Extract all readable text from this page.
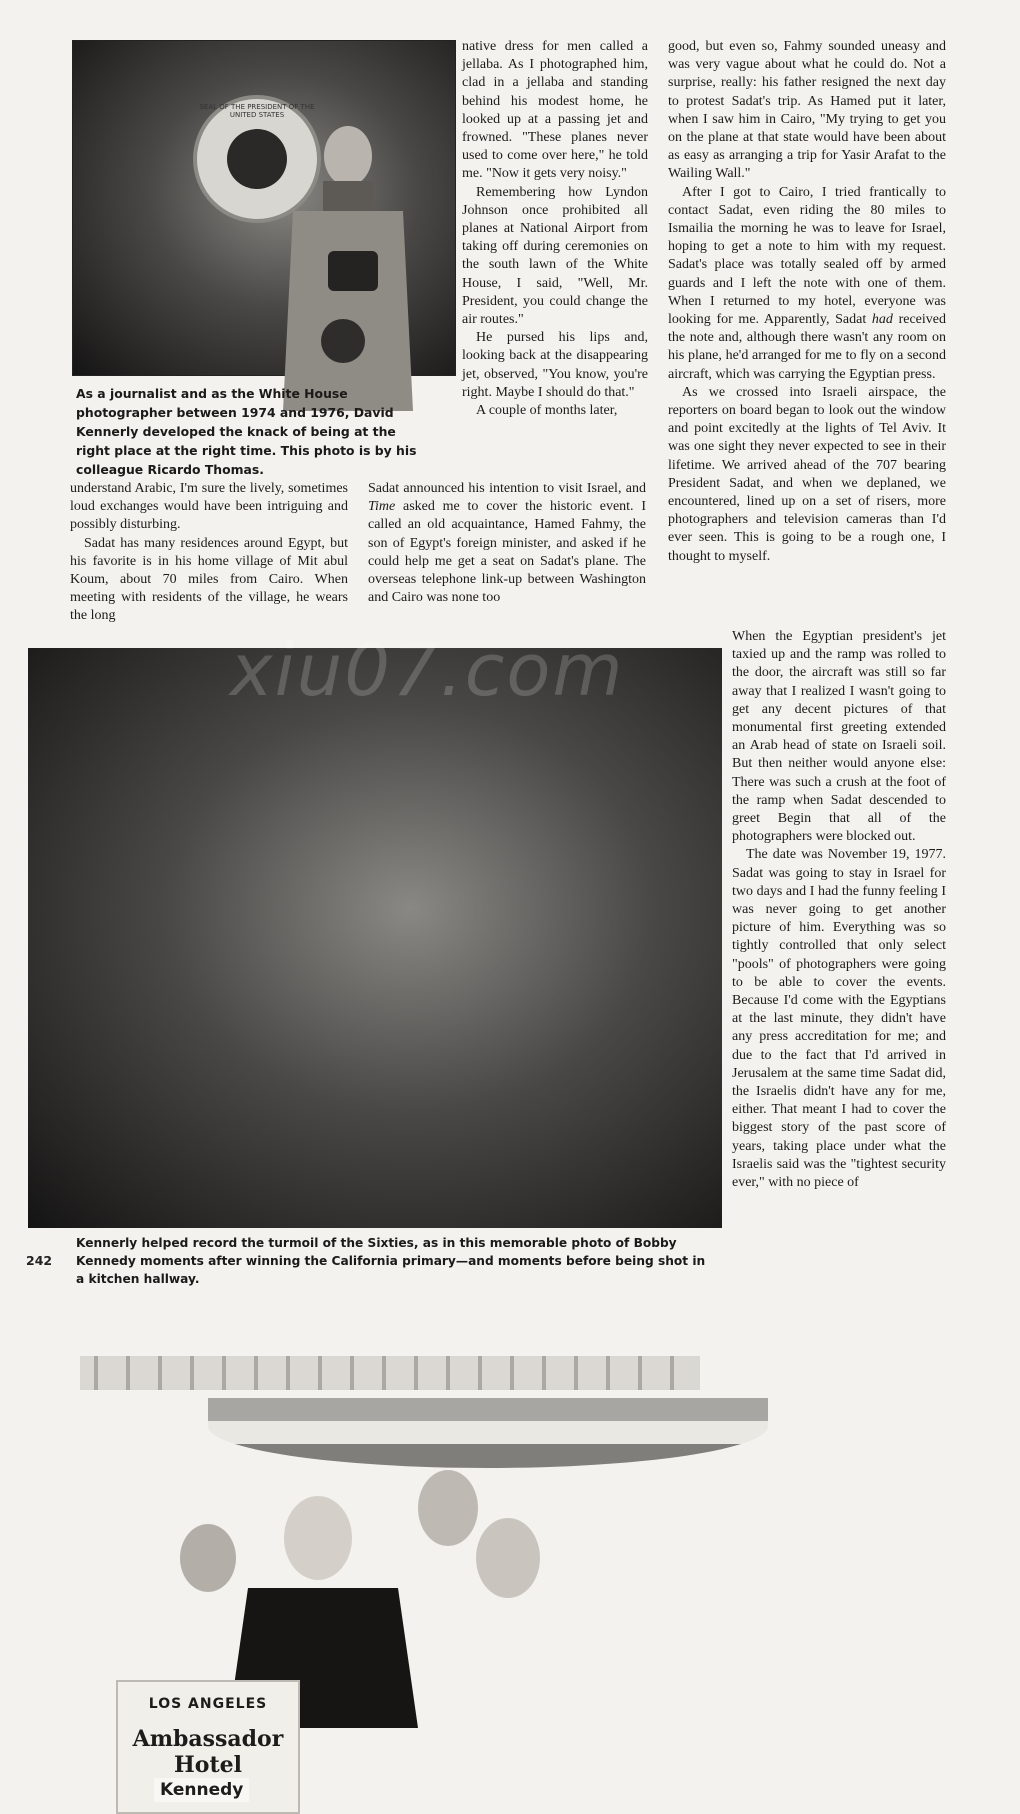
SEAL OF THE PRESIDENT OF THE UNITED STATES

As a journalist and as the White House photographer between 1974 and 1976, David Kennerly developed the knack of being at the right place at the right time. This photo is by his colleague Ricardo Thomas.

native dress for men called a jellaba. As I photographed him, clad in a jellaba and standing behind his modest home, he looked up at a passing jet and frowned. "These planes never used to come over here," he told me. "Now it gets very noisy."

Remembering how Lyndon Johnson once prohibited all planes at National Airport from taking off during ceremonies on the south lawn of the White House, I said, "Well, Mr. President, you could change the air routes."

He pursed his lips and, looking back at the disappearing jet, observed, "You know, you're right. Maybe I should do that."

A couple of months later,

understand Arabic, I'm sure the lively, sometimes loud exchanges would have been intriguing and possibly disturbing.

Sadat has many residences around Egypt, but his favorite is in his home village of Mit abul Koum, about 70 miles from Cairo. When meeting with residents of the village, he wears the long

Sadat announced his intention to visit Israel, and Time asked me to cover the historic event. I called an old acquaintance, Hamed Fahmy, the son of Egypt's foreign minister, and asked if he could help me get a seat on Sadat's plane. The overseas telephone link-up between Washington and Cairo was none too

good, but even so, Fahmy sounded uneasy and was very vague about what he could do. Not a surprise, really: his father resigned the next day to protest Sadat's trip. As Hamed put it later, when I saw him in Cairo, "My trying to get you on the plane at that state would have been about as easy as arranging a trip for Yasir Arafat to the Wailing Wall."

After I got to Cairo, I tried frantically to contact Sadat, even riding the 80 miles to Ismailia the morning he was to leave for Israel, hoping to get a note to him with my request. Sadat's place was totally sealed off by armed guards and I left the note with one of them. When I returned to my hotel, everyone was looking for me. Apparently, Sadat had received the note and, although there wasn't any room on his plane, he'd arranged for me to fly on a second aircraft, which was carrying the Egyptian press.

As we crossed into Israeli airspace, the reporters on board began to look out the window and point excitedly at the lights of Tel Aviv. It was one sight they never expected to see in their lifetime. We arrived ahead of the 707 bearing President Sadat, and when we deplaned, we encountered, lined up on a set of risers, more photographers and television cameras than I'd ever seen. This is going to be a rough one, I thought to myself.

LOS ANGELES
Ambassador Hotel
Kennedy

Kennerly helped record the turmoil of the Sixties, as in this memorable photo of Bobby Kennedy moments after winning the California primary—and moments before being shot in a kitchen hallway.

242

When the Egyptian president's jet taxied up and the ramp was rolled to the door, the aircraft was still so far away that I realized I wasn't going to get any decent pictures of that monumental first greeting extended an Arab head of state on Israeli soil. But then neither would anyone else: There was such a crush at the foot of the ramp when Sadat descended to greet Begin that all of the photographers were blocked out.

The date was November 19, 1977. Sadat was going to stay in Israel for two days and I had the funny feeling I was never going to get another picture of him. Everything was so tightly controlled that only select "pools" of photographers were going to be able to cover the events. Because I'd come with the Egyptians at the last minute, they didn't have any press accreditation for me; and due to the fact that I'd arrived in Jerusalem at the same time Sadat did, the Israelis didn't have any for me, either. That meant I had to cover the biggest story of the past score of years, taking place under what the Israelis said was the "tightest security ever," with no piece of
